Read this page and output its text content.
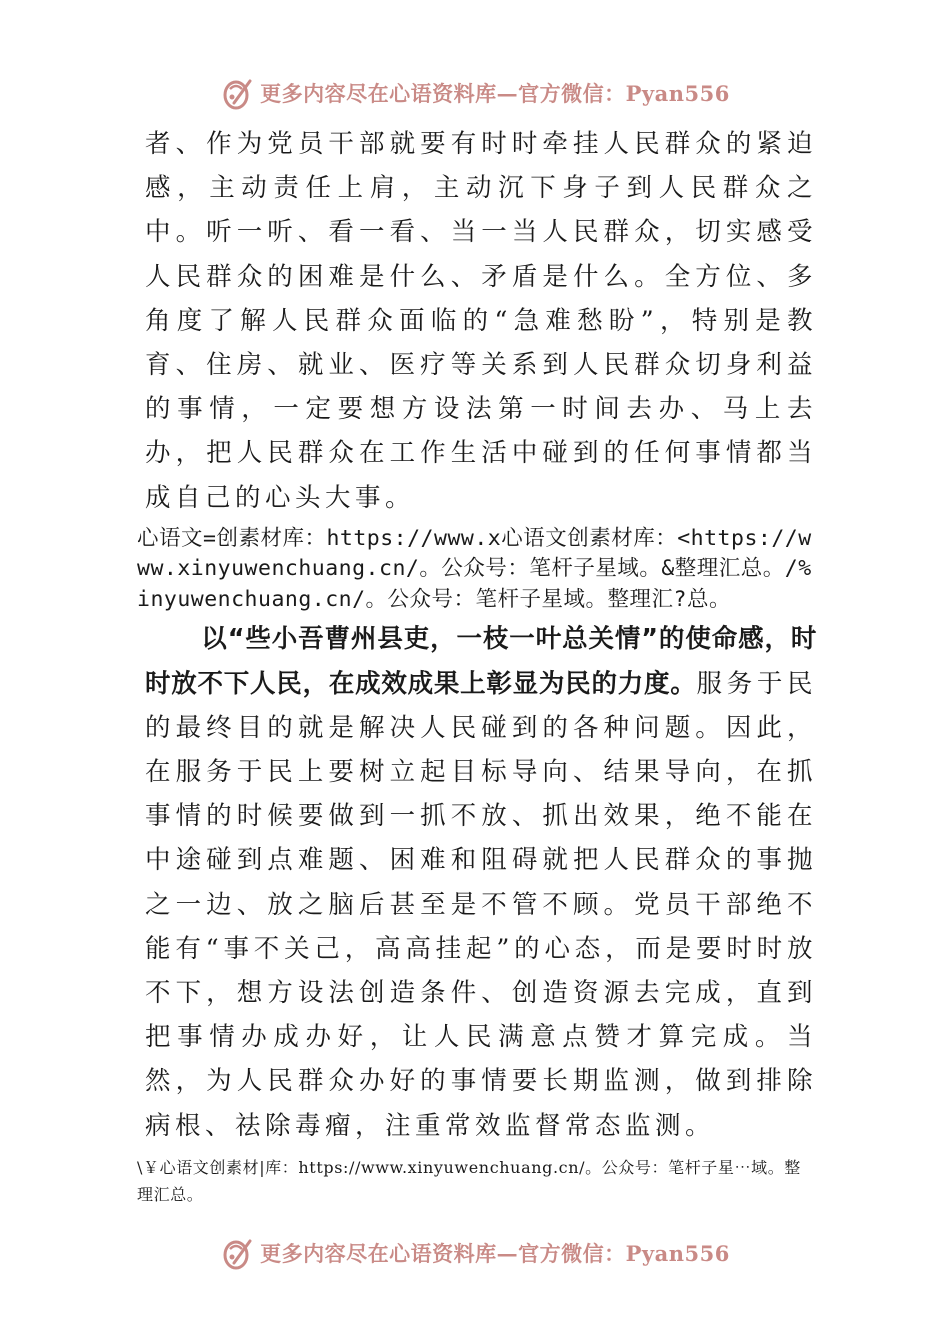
更多内容尽在心语资料库—官方微信：Pyan556

者、作为党员干部就要有时时牵挂人民群众的紧迫感，主动责任上肩，主动沉下身子到人民群众之中。听一听、看一看、当一当人民群众，切实感受人民群众的困难是什么、矛盾是什么。全方位、多角度了解人民群众面临的“急难愁盼”，特别是教育、住房、就业、医疗等关系到人民群众切身利益的事情，一定要想方设法第一时间去办、马上去办，把人民群众在工作生活中碰到的任何事情都当成自己的心头大事。

心语文=创素材库：https://www.x心语文创素材库：<https://www.xinyuwenchuang.cn/。公众号：笔杆子星域。&整理汇总。/%inyuwenchuang.cn/。公众号：笔杆子星域。整理汇?总。

以“些小吾曹州县吏，一枝一叶总关情”的使命感，时时放不下人民，在成效成果上彰显为民的力度。服务于民的最终目的就是解决人民碰到的各种问题。因此，在服务于民上要树立起目标导向、结果导向，在抓事情的时候要做到一抓不放、抓出效果，绝不能在中途碰到点难题、困难和阻碍就把人民群众的事抛之一边、放之脑后甚至是不管不顾。党员干部绝不能有“事不关己，高高挂起”的心态，而是要时时放不下，想方设法创造条件、创造资源去完成，直到把事情办成办好，让人民满意点赞才算完成。当然，为人民群众办好的事情要长期监测，做到排除病根、祛除毒瘤，注重常效监督常态监测。

\￥心语文创素材|库：https://www.xinyuwenchuang.cn/。公众号：笔杆子星⋯域。整理汇总。
更多内容尽在心语资料库—官方微信：Pyan556
